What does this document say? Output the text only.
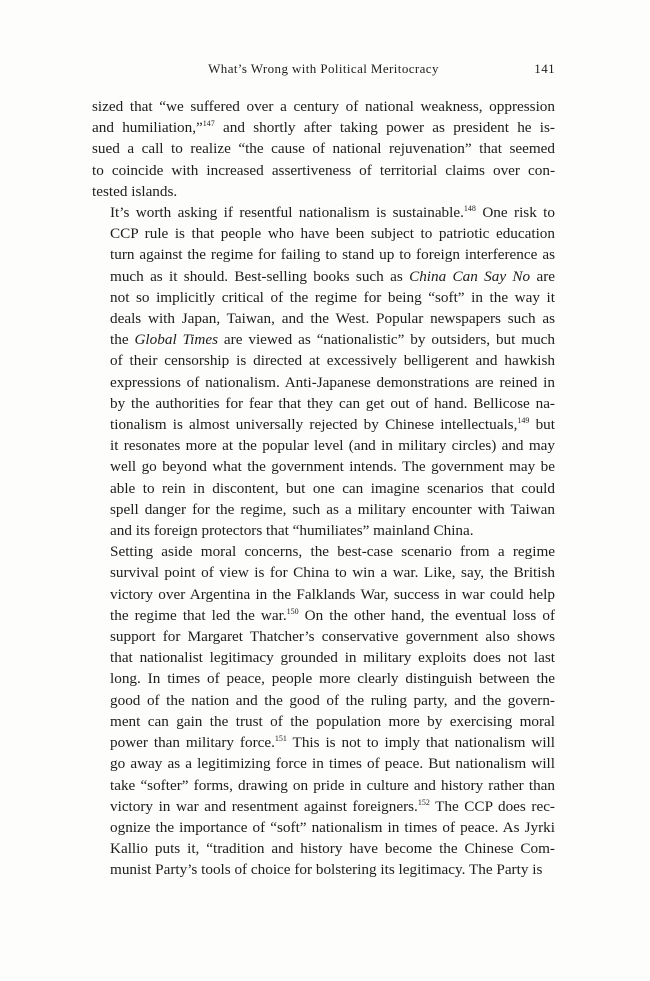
What’s Wrong with Political Meritocracy	141
sized that “we suffered over a century of national weakness, oppression
and humiliation,”$^{147}$ and shortly after taking power as president he is-
sued a call to realize “the cause of national rejuvenation” that seemed
to coincide with increased assertiveness of territorial claims over con-
tested islands.
It’s worth asking if resentful nationalism is sustainable.$^{148}$ One risk to
CCP rule is that people who have been subject to patriotic education
turn against the regime for failing to stand up to foreign interference as
much as it should. Best-selling books such as China Can Say No are
not so implicitly critical of the regime for being “soft” in the way it
deals with Japan, Taiwan, and the West. Popular newspapers such as
the Global Times are viewed as “nationalistic” by outsiders, but much
of their censorship is directed at excessively belligerent and hawkish
expressions of nationalism. Anti-Japanese demonstrations are reined in
by the authorities for fear that they can get out of hand. Bellicose na-
tionalism is almost universally rejected by Chinese intellectuals,$^{149}$ but
it resonates more at the popular level (and in military circles) and may
well go beyond what the government intends. The government may be
able to rein in discontent, but one can imagine scenarios that could
spell danger for the regime, such as a military encounter with Taiwan
and its foreign protectors that “humiliates” mainland China.
Setting aside moral concerns, the best-case scenario from a regime
survival point of view is for China to win a war. Like, say, the British
victory over Argentina in the Falklands War, success in war could help
the regime that led the war.$^{150}$ On the other hand, the eventual loss of
support for Margaret Thatcher’s conservative government also shows
that nationalist legitimacy grounded in military exploits does not last
long. In times of peace, people more clearly distinguish between the
good of the nation and the good of the ruling party, and the govern-
ment can gain the trust of the population more by exercising moral
power than military force.$^{151}$ This is not to imply that nationalism will
go away as a legitimizing force in times of peace. But nationalism will
take “softer” forms, drawing on pride in culture and history rather than
victory in war and resentment against foreigners.$^{152}$ The CCP does rec-
ognize the importance of “soft” nationalism in times of peace. As Jyrki
Kallio puts it, “tradition and history have become the Chinese Com-
munist Party’s tools of choice for bolstering its legitimacy. The Party is
